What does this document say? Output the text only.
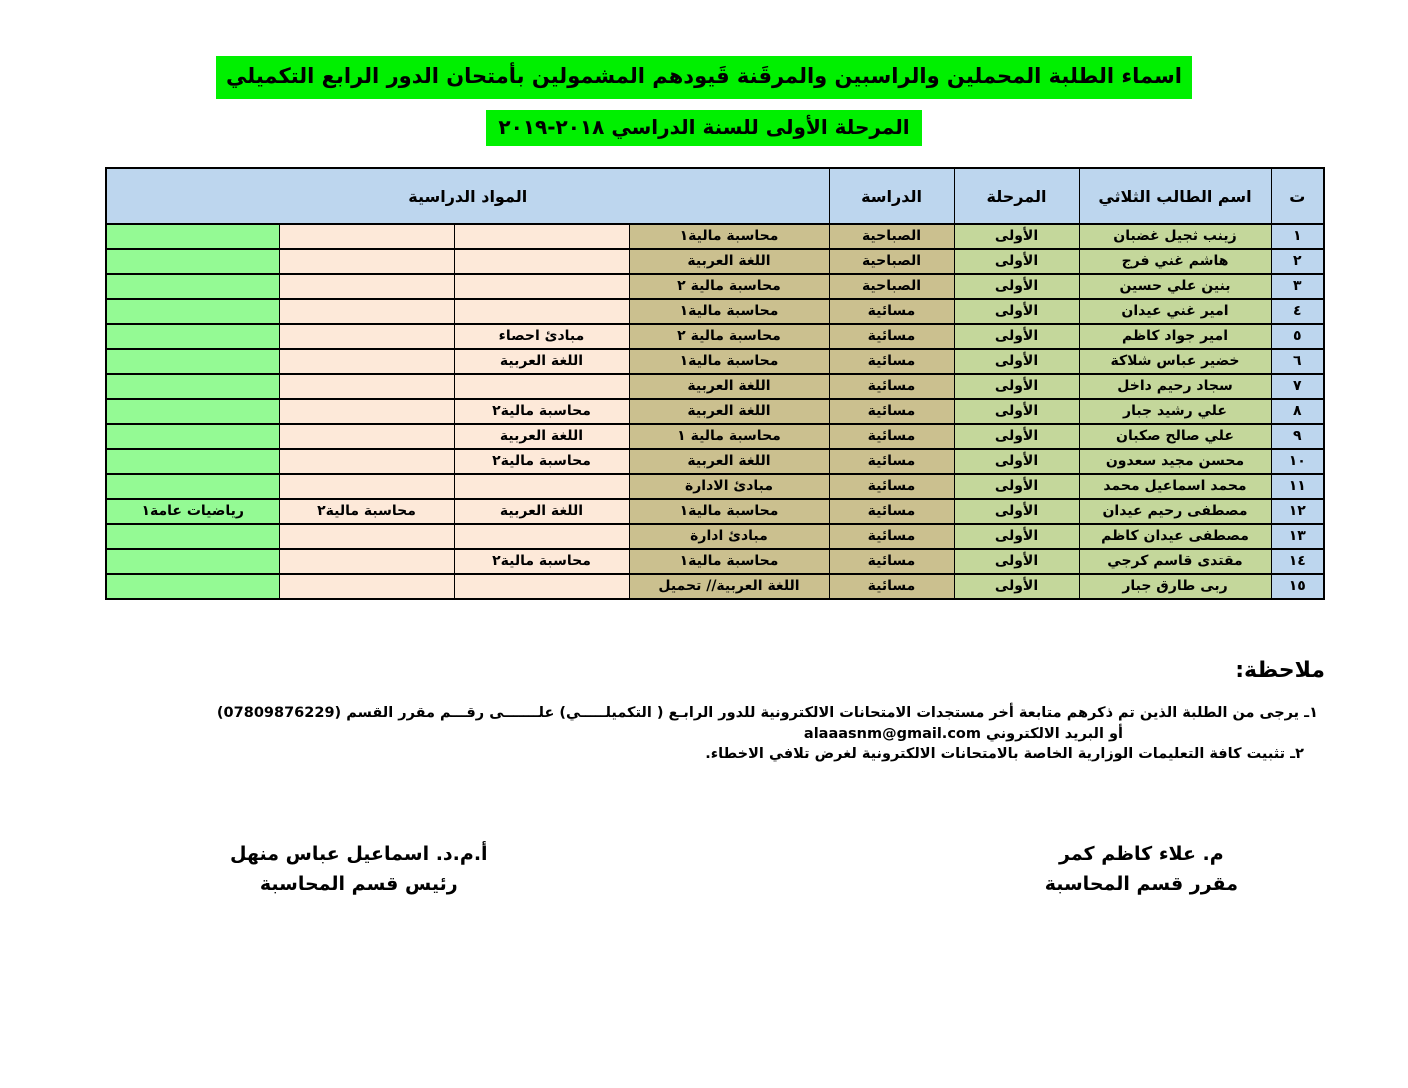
اسماء الطلبة المحملين والراسبين والمرقَنة قَيودهم المشمولين بأمتحان الدور الرابع التكميلي
المرحلة الأولى للسنة الدراسي ٢٠١٨-٢٠١٩
ت	اسم الطالب الثلاثي	المرحلة	الدراسة	المواد الدراسية			
١	زينب ثجيل غضبان	الأولى	الصباحية	محاسبة مالية١			
٢	هاشم غني فرج	الأولى	الصباحية	اللغة العربية			
٣	بنين علي حسين	الأولى	الصباحية	محاسبة مالية ٢			
٤	امير غني عيدان	الأولى	مسائية	محاسبة مالية١			
٥	امير جواد كاظم	الأولى	مسائية	محاسبة مالية ٢	مبادئ احصاء		
٦	خضير عباس شلاكة	الأولى	مسائية	محاسبة مالية١	اللغة العربية		
٧	سجاد رحيم داخل	الأولى	مسائية	اللغة العربية			
٨	علي رشيد جبار	الأولى	مسائية	اللغة العربية	محاسبة مالية٢		
٩	علي صالح صكبان	الأولى	مسائية	محاسبة مالية ١	اللغة العربية		
١٠	محسن مجيد سعدون	الأولى	مسائية	اللغة العربية	محاسبة مالية٢		
١١	محمد اسماعيل محمد	الأولى	مسائية	مبادئ الادارة			
١٢	مصطفى رحيم عيدان	الأولى	مسائية	محاسبة مالية١	اللغة العربية	محاسبة مالية٢	رياضيات عامة١
١٣	مصطفى عيدان كاظم	الأولى	مسائية	مبادئ ادارة			
١٤	مقتدى قاسم كرجي	الأولى	مسائية	محاسبة مالية١	محاسبة مالية٢		
١٥	ربى طارق جبار	الأولى	مسائية	اللغة العربية// تحميل			
ملاحظة:
١ـ يرجى من الطلبة الذين تم ذكرهم متابعة أخر مستجدات الامتحانات الالكترونية للدور الرابـع ( التكميلـــــي) علـــــــى رقـــم مقرر القسم (07809876229)
أو البريد الالكتروني alaaasnm@gmail.com
٢ـ تثبيت كافة التعليمات الوزارية الخاصة بالامتحانات الالكترونية لغرض تلافي الاخطاء.
م. علاء كاظم كمر
مقرر قسم المحاسبة
أ.م.د. اسماعيل عباس منهل
رئيس قسم المحاسبة
